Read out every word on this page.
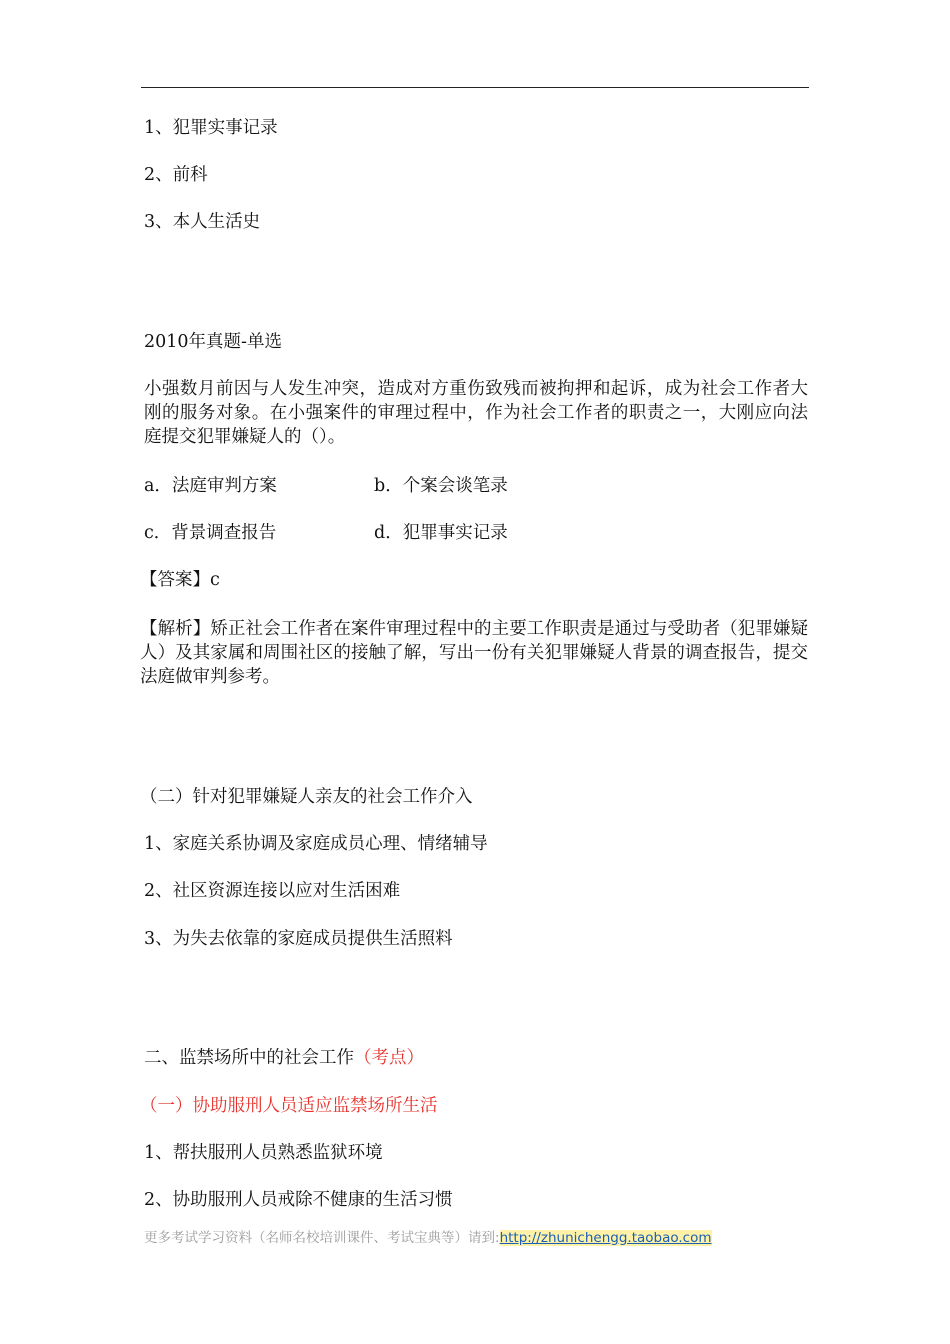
1、犯罪实事记录
2、前科
3、本人生活史
2010年真题-单选
小强数月前因与人发生冲突，造成对方重伤致残而被拘押和起诉，成为社会工作者大刚的服务对象。在小强案件的审理过程中，作为社会工作者的职责之一，大刚应向法庭提交犯罪嫌疑人的（）。
a．法庭审判方案	b．个案会谈笔录
c．背景调查报告	d．犯罪事实记录
【答案】c
【解析】矫正社会工作者在案件审理过程中的主要工作职责是通过与受助者（犯罪嫌疑人）及其家属和周围社区的接触了解，写出一份有关犯罪嫌疑人背景的调查报告，提交法庭做审判参考。
（二）针对犯罪嫌疑人亲友的社会工作介入
1、家庭关系协调及家庭成员心理、情绪辅导
2、社区资源连接以应对生活困难
3、为失去依靠的家庭成员提供生活照料
二、监禁场所中的社会工作（考点）
（一）协助服刑人员适应监禁场所生活
1、帮扶服刑人员熟悉监狱环境
2、协助服刑人员戒除不健康的生活习惯
更多考试学习资料（名师名校培训课件、考试宝典等）请到:http://zhunichengg.taobao.com
